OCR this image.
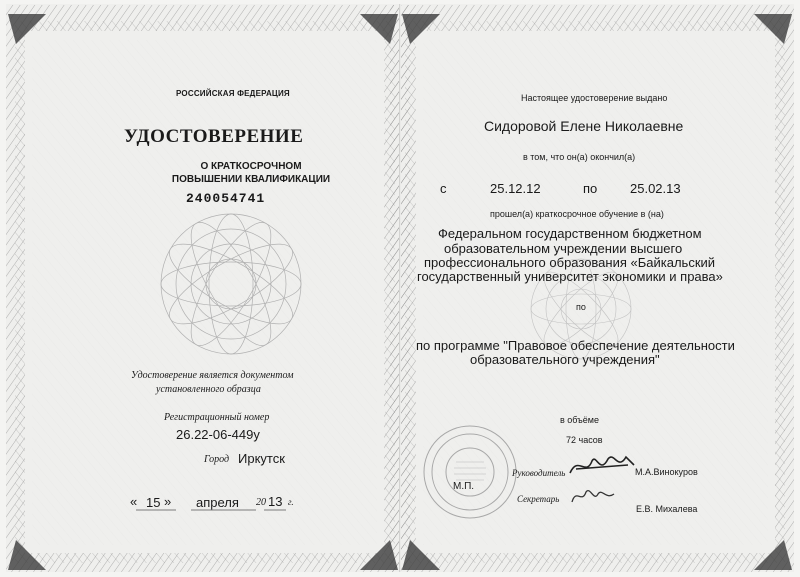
РОССИЙСКАЯ ФЕДЕРАЦИЯ
УДОСТОВЕРЕНИЕ
О КРАТКОСРОЧНОМ
ПОВЫШЕНИИ КВАЛИФИКАЦИИ
240054741
Удостоверение является документом
установленного образца
Регистрационный номер
26.22-06-449у
Город Иркутск
« 15 » апреля 20 13 г.
Настоящее удостоверение выдано
Сидоровой Елене Николаевне
в том, что он(а) окончил(а)
с	25.12.12	по	25.02.13
прошел(а) краткосрочное обучение в (на)
Федеральном государственном бюджетном
образовательном учреждении высшего
профессионального образования «Байкальский
государственный университет экономики и права»
по
по программе "Правовое обеспечение деятельности
образовательного учреждения"
в объёме
72 часов
М.П.
Руководитель	М.А.Винокуров
Секретарь
Е.В. Михалева
